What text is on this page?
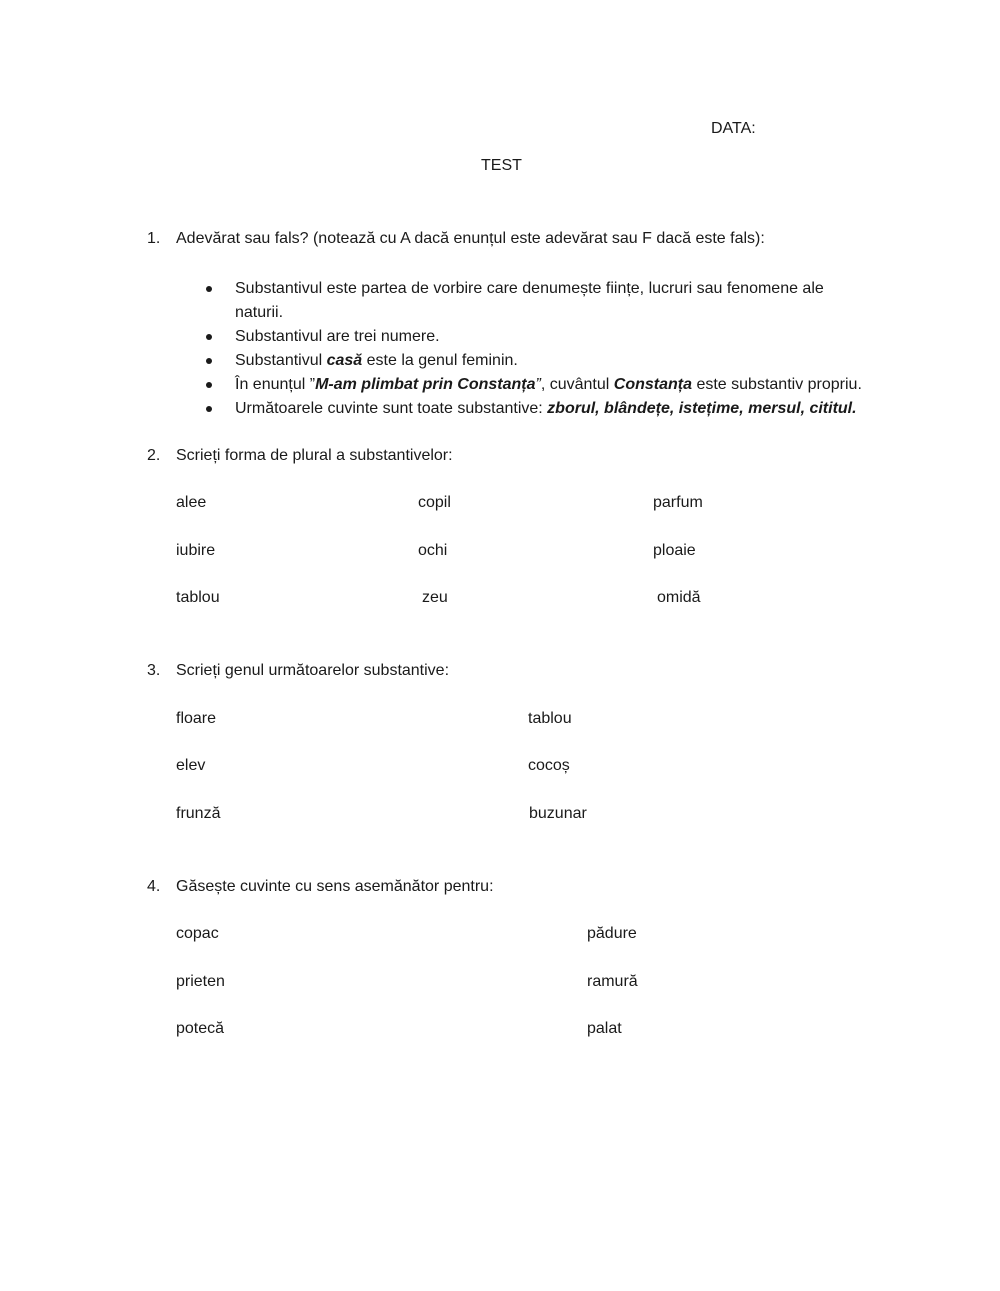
DATA:
TEST
1. Adevărat sau fals? (notează cu A dacă enunțul este adevărat sau F dacă este fals):
Substantivul este partea de vorbire care denumește ființe, lucruri sau fenomene ale
naturii.
Substantivul are trei numere.
Substantivul casă este la genul feminin.
În enunțul ”M-am plimbat prin Constanța”, cuvântul Constanța este substantiv propriu.
Următoarele cuvinte sunt toate substantive: zborul, blândețe, istețime, mersul, cititul.
2. Scrieți forma de plural a substantivelor:
alee	copil	parfum
iubire	ochi	ploaie
tablou	zeu	omidă
3. Scrieți genul următoarelor substantive:
floare	tablou
elev	cocoș
frunză	buzunar
4. Găsește cuvinte cu sens asemănător pentru:
copac	pădure
prieten	ramură
potecă	palat
